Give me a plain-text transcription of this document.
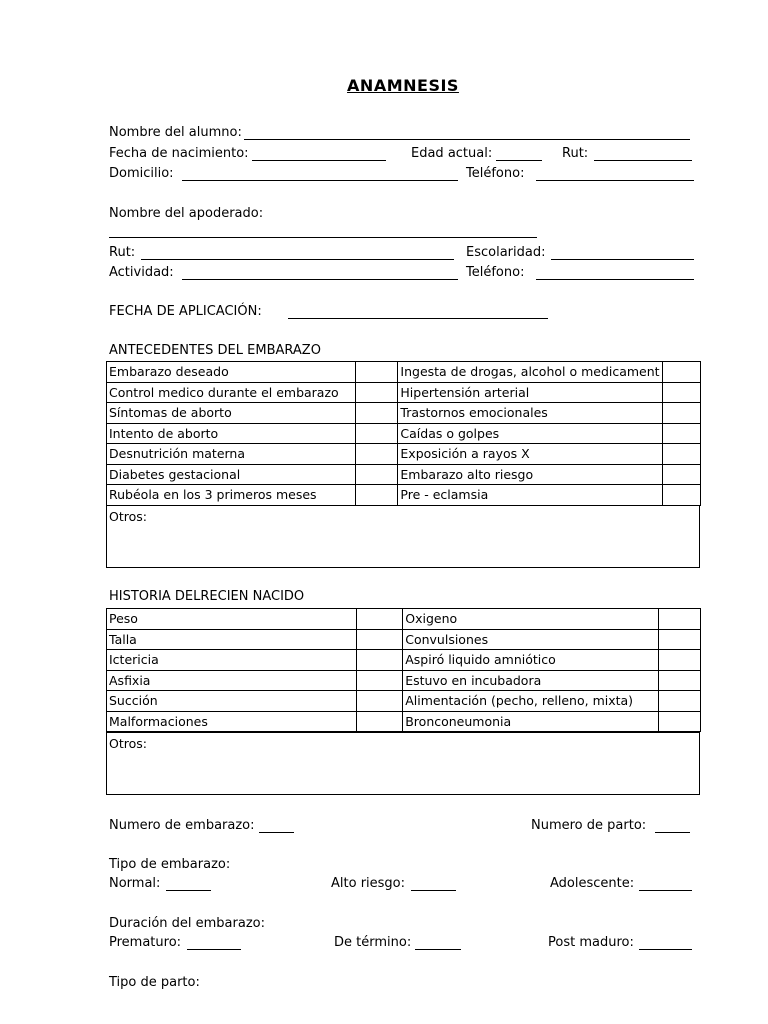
ANAMNESIS
Nombre del alumno:
Fecha de nacimiento:	Edad actual:	Rut:
Domicilio:	Teléfono:
Nombre del apoderado:
Rut:	Escolaridad:
Actividad:	Teléfono:
FECHA DE APLICACIÓN:
ANTECEDENTES DEL EMBARAZO
Embarazo deseado		Ingesta de drogas, alcohol o medicament	
Control medico durante el embarazo		Hipertensión arterial	
Síntomas de aborto		Trastornos emocionales	
Intento de aborto		Caídas o golpes	
Desnutrición materna		Exposición a rayos X	
Diabetes gestacional		Embarazo alto riesgo	
Rubéola en los 3 primeros meses		Pre - eclamsia	
Otros:
HISTORIA DELRECIEN NACIDO
Peso		Oxigeno	
Talla		Convulsiones	
Ictericia		Aspiró liquido amniótico	
Asfixia		Estuvo en incubadora	
Succión		Alimentación (pecho, relleno, mixta)	
Malformaciones		Bronconeumonia	
Otros:
Numero de embarazo:	Numero de parto:
Tipo de embarazo:
Normal:	Alto riesgo:	Adolescente:
Duración del embarazo:
Prematuro:	De término:	Post maduro:
Tipo de parto:
